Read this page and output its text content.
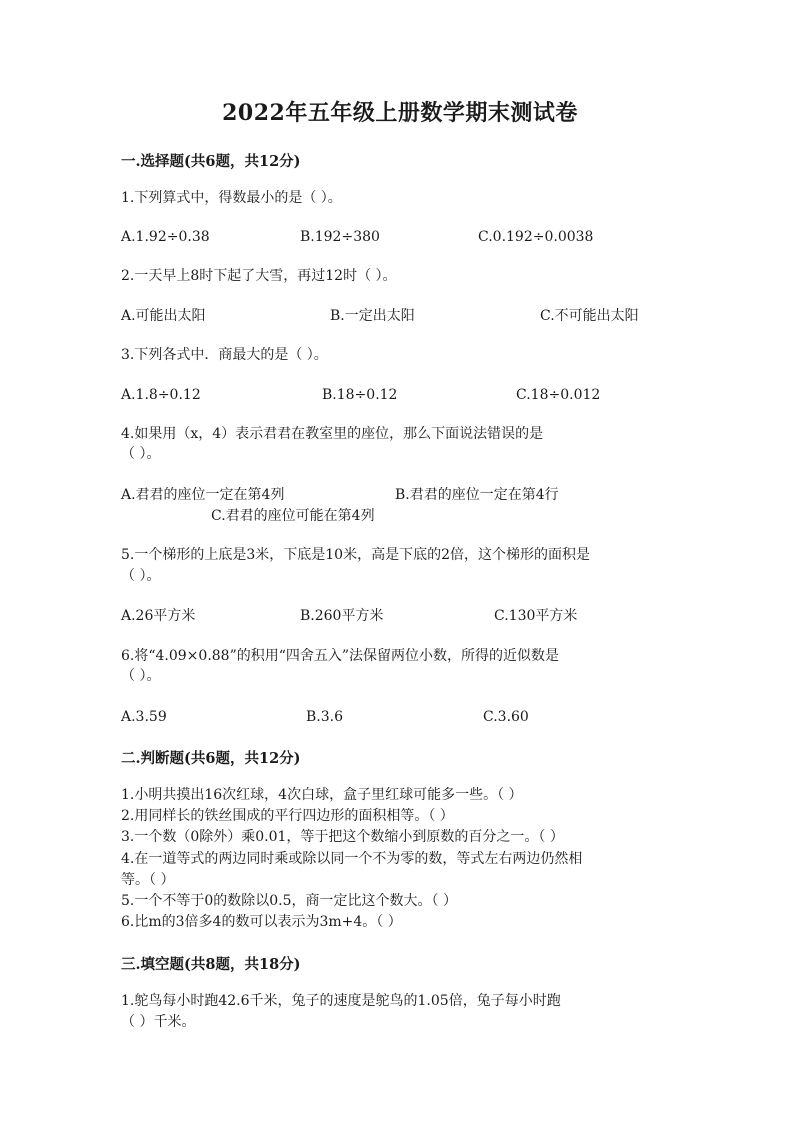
2022年五年级上册数学期末测试卷
一.选择题(共6题，共12分)
1.下列算式中，得数最小的是（ ）。
A.1.92÷0.38	B.192÷380	C.0.192÷0.0038
2.一天早上8时下起了大雪，再过12时（ ）。
A.可能出太阳	B.一定出太阳	C.不可能出太阳
3.下列各式中．商最大的是（ ）。
A.1.8÷0.12	B.18÷0.12	C.18÷0.012
4.如果用（x，4）表示君君在教室里的座位，那么下面说法错误的是
（ ）。
A.君君的座位一定在第4列	B.君君的座位一定在第4行
C.君君的座位可能在第4列
5.一个梯形的上底是3米，下底是10米，高是下底的2倍，这个梯形的面积是
（ ）。
A.26平方米	B.260平方米	C.130平方米
6.将“4.09×0.88”的积用“四舍五入”法保留两位小数，所得的近似数是
（ ）。
A.3.59	B.3.6	C.3.60
二.判断题(共6题，共12分)
1.小明共摸出16次红球，4次白球，盒子里红球可能多一些。（ ）
2.用同样长的铁丝围成的平行四边形的面积相等。（ ）
3.一个数（0除外）乘0.01，等于把这个数缩小到原数的百分之一。（ ）
4.在一道等式的两边同时乘或除以同一个不为零的数，等式左右两边仍然相
等。（ ）
5.一个不等于0的数除以0.5，商一定比这个数大。（ ）
6.比m的3倍多4的数可以表示为3m+4。（ ）
三.填空题(共8题，共18分)
1.鸵鸟每小时跑42.6千米，兔子的速度是鸵鸟的1.05倍，兔子每小时跑
（ ）千米。
